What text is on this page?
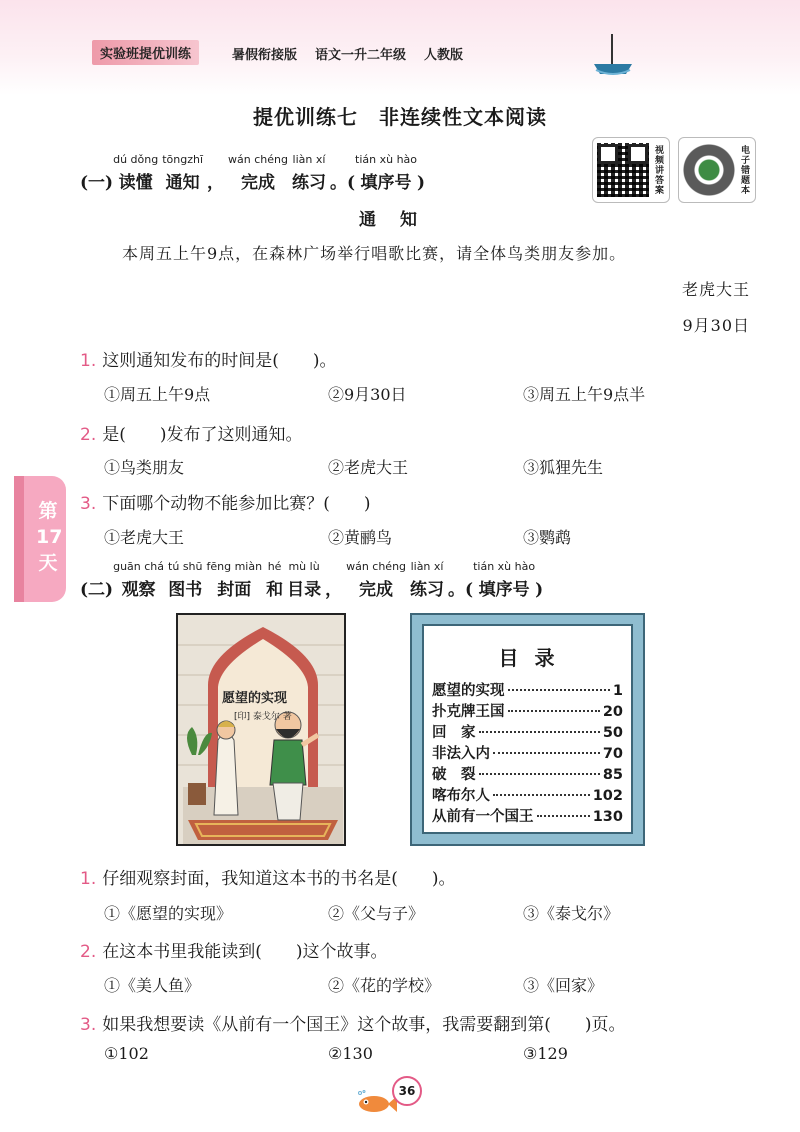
实验班提优训练	暑假衔接版 语文一升二年级 人教版
提优训练七　非连续性文本阅读
视频讲答案	电子错题本
(一)
dú dǒng
读懂
tōngzhī
通知
，
wán chéng
完成
liàn xí
练习 。(
tián xù hào
填序号 )
通知
本周五上午9点，在森林广场举行唱歌比赛，请全体鸟类朋友参加。
老虎大王
9月30日
1. 这则通知发布的时间是(　　)。
①周五上午9点	②9月30日	③周五上午9点半
2. 是(　　)发布了这则通知。
①鸟类朋友	②老虎大王	③狐狸先生
3. 下面哪个动物不能参加比赛？(　　)
①老虎大王	②黄鹂鸟	③鹦鹉
第17天
(二)
guān chá
观察
tú shū
图书
fēng miàn
封面
hé
和
mù lù
目录
，
wán chéng
完成
liàn xí
练习 。(
tián xù hào
填序号 )
愿望的实现
[印] 泰戈尔 著
目录
愿望的实现	1
扑克牌王国	20
回　家	50
非法入内	70
破　裂	85
喀布尔人	102
从前有一个国王	130
1. 仔细观察封面，我知道这本书的书名是(　　)。
①《愿望的实现》	②《父与子》	③《泰戈尔》
2. 在这本书里我能读到(　　)这个故事。
①《美人鱼》	②《花的学校》	③《回家》
3. 如果我想要读《从前有一个国王》这个故事，我需要翻到第(　　)页。
①102	②130	③129
36
